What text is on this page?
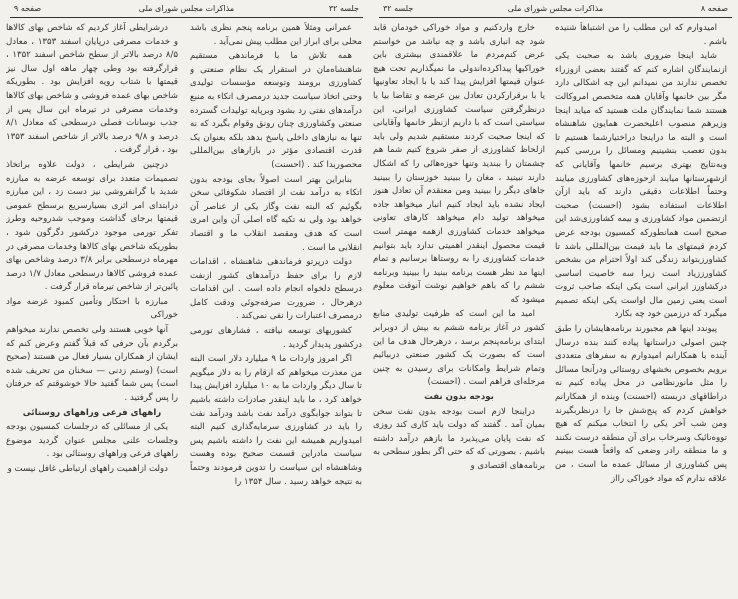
جلسه ۳۲
مذاکرات مجلس شورای ملی
صفحه ۹

عمرانی ومثلاً همین برنامه پنجم نظری باشد محلی برای ابراز این مطلب پیش نمی‌آید .

همه تلاش ما با فرماندهی مستقیم شاهنشاه‌مان در استقرار یک نظام صنعتی و کشاورزی برومند وتوسعه مؤسسات تولیدی وحتی اتخاذ سیاست جدید درمصرف اتکاء به منبع درآمدهای نفتی رد بشود وبرپایه تولیدات گسترده صنعتی وکشاورزی چنان رونق وقوام بگیرد که نه تنها به نیازهای داخلی پاسخ بدهد بلکه بعنوان یک قدرت اقتصادی مؤثر در بازارهای بین‌المللی محصوربدا کند . (احسنت)

بنابراین بهتر است اصولاً بجای بودجه بدون اتکاء به درآمد نفت از اقتصاد شکوفائی سخن بگوئیم که البته نفت وگاز یکی از عناصر آن خواهد بود ولی نه تکیه گاه اصلی آن واین امری است که هدف ومقصد انقلاب ما و اقتصاد انقلابی ما است .

دولت درپرتو فرماندهی شاهنشاه ، اقدامات لازم را برای حفظ درآمدهای کشور ازنفت درسطح دلخواه انجام داده است . این اقدامات درهرحال ، ضرورت صرفه‌جوئی ودقت کامل درمصرف اعتبارات را نفی نمی‌کند .

کشوربهای توسعه نیافته ، فشارهای تورمی درکشور پدیدار گردید .

اگر امروز واردات ما ۹ میلیارد دلار است البته من معذرت میخواهم که ارقام را به دلار میگویم تا سال دیگر واردات ما به ۱۰ میلیارد افزایش پیدا خواهد کرد ، ما باید اینقدر صادرات داشته باشیم تا بتواند جوابگوی درآمد نفت باشد ودرآمد نفت را باید در کشاورزی سرمایه‌گذاری کنیم البته امیدواریم همیشه این نفت را داشته باشیم پس سیاست مادراین قسمت صحیح بوده وهست وشاهنشاه این سیاست را تدوین فرمودند وحتماً به نتیجه خواهد رسید . سال ۱۳۵۴ را

درشرایطی آغاز کردیم که شاخص بهای کالاها و خدمات مصرفی درپایان اسفند ۱۳۵۳ ، معادل ۸/۵ درصد بالاتر از سطح شاخص اسفند ۱۳۵۲ ، قرارگرفته بود وطی چهار ماهه اول سال نیز قیمتها با شتاب رویه افزایش بود . بطوریکه شاخص بهای عمده فروشی و شاخص بهای کالاها وخدمات مصرفی در تیرماه این سال پس از جذب نوسانات فصلی درسطحی که معادل ۸/۱ درصد و ۹/۸ درصد بالاتر از شاخص اسفند ۱۳۵۳ بود ، قرار گرفت .

درچنین شرایطی ، دولت علاوه براتخاذ تصمیمات متعدد برای توسعه عرضه به مبارزه شدید با گرانفروشی نیز دست زد ، این مبارزه درابتدای امر اثری بسیارسریع برسطح عمومی قیمتها برجای گذاشت وموجب شدروحیه وطرز تفکر تورمی موجود درکشور دگرگون شود ، بطوریکه شاخص بهای کالاها وخدمات مصرفی در مهرماه درسطحی برابر ۳/۸ درصد وشاخص بهای عمده فروشی کالاها درسطحی معادل ۱/۷ درصد پائین‌تر از شاخص تیرماه قرار گرفت .

مبارزه با احتکار وتأمین کمبود عرضه مواد خوراکی

آنها خوبی هستند ولی تخصص ندارند میخواهم برگردم بآن حرفی که قبلاً گفتم وعرض کنم که ایشان از همکاران بسیار فعال من هستند (صحیح است) (وستم زدنی — سخنان من تحریف شده است) پس شما گفتید حالا خوشوقتم که حرفتان را پس گرفتید .

راههای فرعی وراههای روستائی

یکی از مسائلی که درجلسات کمسیون بودجه وجلسات علنی مجلس عنوان گردید موضوع راههای فرعی وراههای روستائی بود .

دولت ازاهمیت راههای ارتباطی غافل نیست و

صفحه ۸
مذاکرات مجلس شورای ملی
جلسه ۳۲

امیدوارم که این مطلب را من اشتباهاً شنیده باشم .

شاید اینجا ضروری باشد به صحبت یکی ازنمایندگان اشاره کنم که گفتند بعضی ازوزراء تخصص ندارند من نمیدانم این چه اشکالی دارد مگر بین خانمها وآقایان همه متخصص امروکالت هستند شما نمایندگان ملت هستید که میاید اینجا وزیرهم منصوب اعلیحضرت همایون شاهنشاه است و البته ما دراینجا دراختیارشما هستیم تا بدون تعصب بنشینیم ومسائل را بررسی کنیم وبه‌نتایج بهتری برسیم خانمها وآقایانی که ازشهرستانها میایند ازحوزه‌های کشاورزی میایند وحتماً اطلاعات دقیقی دارند که باید ازآن اطلاعات استفاده بشود (احسنت) صحبت ازتضمین مواد کشاورزی و بیمه کشاورزی‌شد این صحیح است همانطورکه کمسیون بودجه عرض کردم قیمتهای ما باید قیمت بین‌المللی باشد تا کشاورزبتواند زندگی کند اولاً احترام من بشخص کشاورززیاد است زیرا سه خاصیت اساسی درکشاورز ایرانی است یکی اینکه صاحب ثروت است یعنی زمین مال اواست یکی اینکه تصمیم میگیرد که درزمین خود چه بکارد

پیوندد اینها هم مجبورند برنامه‌هایشان را طبق چنین اصولی دراستانها پیاده کنند بنده درسال آینده با همکارانم امیدوارم به سفرهای متعددی برویم بخصوص بخشهای روستائی ودرآنجا مسائل را مثل مانورنظامی در محل پیاده کنیم نه دراطاقهای دربسته (احسنت) وبنده از همکارانم خواهش کردم که پنج‌شش جا را درنظربگیرند ومن شب آخر یکی را انتخاب میکنم که هیچ تووه‌نائیک وسرخاب برای آن منطقه درست نکنند و ما منطقه رادر وضعی که واقعاً هست ببینیم پس کشاورزی از مسائل عمده ما است ، من علاقه ندارم که مواد خوراکی رااز

خارج واردکنیم و مواد خوراکی خودمان قابد شود چه انباری باشد و چه نباشد من خواستم عرض کنم‌مردم ما علاقمندی بیشتری باین خوراکیها پیداکرده‌اندولی ما نمیگذاریم تحت هیچ عنوان قیمتها افزایش پیدا کند یا با ایجاد تعاونیها یا با برقرارکردن تعادل بین عرضه و تقاضا بیا با درنظرگرفتن سیاست کشاورزی ایرانی، این سیاستی است که با داریم ازنظر خانمها وآقایانی که اینجا صحبت کردند مستقیم شدیم ولی باید ازلحاظ کشاورزی از صفر شروع کنیم شما هم چشمتان را ببندید وتنها حوزه‌هائی را که اشکال دارند نبینید ، مغان را ببینید خوزستان را ببینید جاهای دیگر را ببینید ومن معتقدم آن تعادل هنوز ایجاد نشده باید ایجاد کنیم انبار میخواهد جاده میخواهد تولید دام میخواهد کارهای تعاونی میخواهد خدمات کشاورزی ازهمه مهمتر است قیمت محصول اینقدر اهمیتی ندارد باید بتوانیم خدمات کشاورزی را به روستاها برسانیم و تمام اینها مد نظر هست برنامه ببنید را ببینید وبرنامه ششم را که باهم خواهیم نوشت آنوقت معلوم میشود که

امید ما این است که ظرفیت تولیدی منابع کشور در آغاز برنامه ششم به بیش از دوبرابر ابتدای برنامه‌پنجم برسد ، درهرحال هدف ما این است که بصورت یک کشور صنعتی دربیائیم وتمام شرایط وامکانات برای رسیدن به چنین مرحله‌ای فراهم است . (احسنت)

بودجه بدون نفت

دراینجا لازم است بودجه بدون نفت سخن بمیان آمد . گفتند که دولت باید کاری کند روزی که نفت پایان می‌پذیرد ما بازهم درآمد داشته باشیم . بصورتی که که حتی اگر بطور سطحی به برنامه‌های اقتصادی و
